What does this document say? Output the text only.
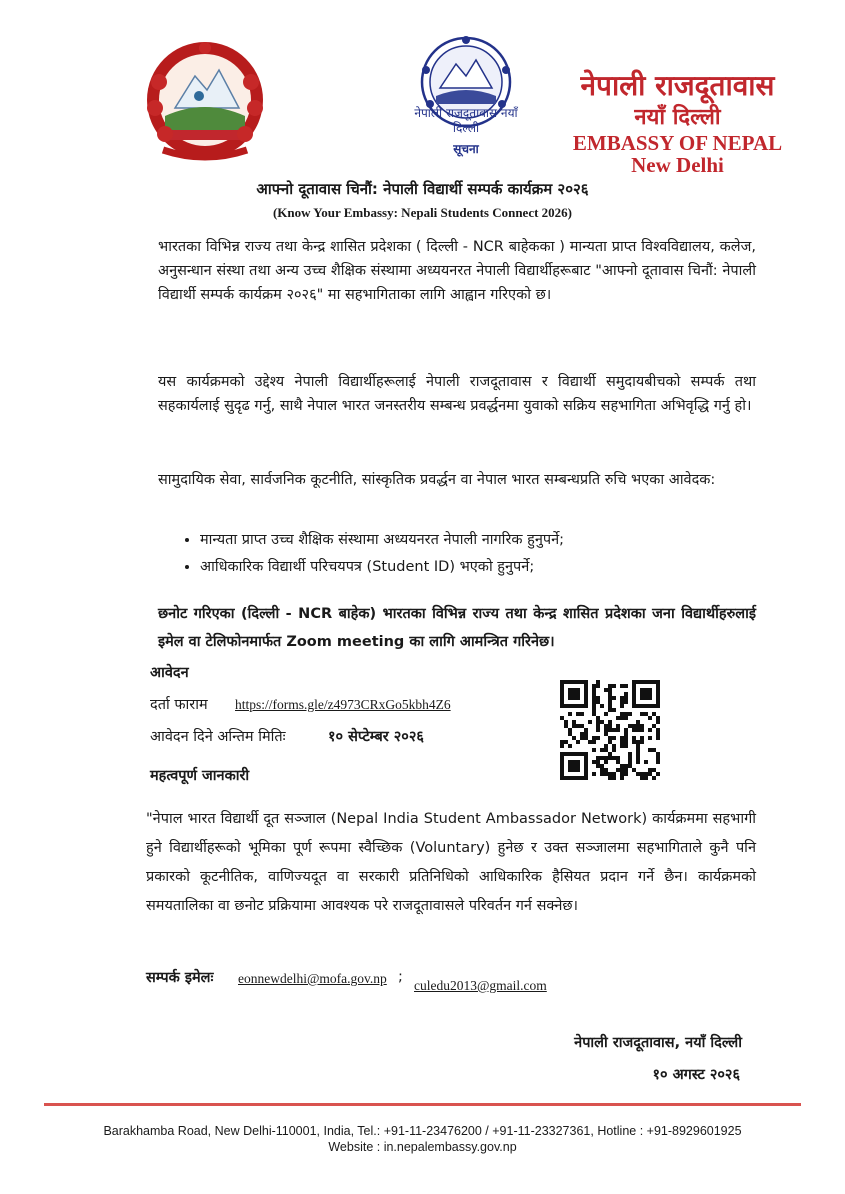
नेपाली राजदूतावास नयाँ दिल्ली
सूचना
नेपाली राजदूतावास
नयाँ दिल्ली
EMBASSY OF NEPAL
New Delhi
आफ्नो दूतावास चिनौं: नेपाली विद्यार्थी सम्पर्क कार्यक्रम २०२६
(Know Your Embassy: Nepali Students Connect 2026)
भारतका विभिन्न राज्य तथा केन्द्र शासित प्रदेशका ( दिल्ली - NCR बाहेकका ) मान्यता प्राप्त विश्वविद्यालय, कलेज, अनुसन्धान संस्था तथा अन्य उच्च शैक्षिक संस्थामा अध्ययनरत नेपाली विद्यार्थीहरूबाट "आफ्नो दूतावास चिनौं: नेपाली विद्यार्थी सम्पर्क कार्यक्रम २०२६" मा सहभागिताका लागि आह्वान गरिएको छ।
यस कार्यक्रमको उद्देश्य नेपाली विद्यार्थीहरूलाई नेपाली राजदूतावास र विद्यार्थी समुदायबीचको सम्पर्क तथा सहकार्यलाई सुदृढ गर्नु, साथै नेपाल भारत जनस्तरीय सम्बन्ध प्रवर्द्धनमा युवाको सक्रिय सहभागिता अभिवृद्धि गर्नु हो।
सामुदायिक सेवा, सार्वजनिक कूटनीति, सांस्कृतिक प्रवर्द्धन वा नेपाल भारत सम्बन्धप्रति रुचि भएका आवेदक:
• मान्यता प्राप्त उच्च शैक्षिक संस्थामा अध्ययनरत नेपाली नागरिक हुनुपर्ने;
• आधिकारिक विद्यार्थी परिचयपत्र (Student ID) भएको हुनुपर्ने;
छनोट गरिएका (दिल्ली - NCR बाहेक) भारतका विभिन्न राज्य तथा केन्द्र शासित प्रदेशका जना विद्यार्थीहरुलाई इमेल वा टेलिफोनमार्फत Zoom meeting का लागि आमन्त्रित गरिनेछ।
आवेदन
दर्ता फाराम https://forms.gle/z4973CRxGo5kbh4Z6
आवेदन दिने अन्तिम मितिः	१० सेप्टेम्बर २०२६
महत्वपूर्ण जानकारी
"नेपाल भारत विद्यार्थी दूत सञ्जाल (Nepal India Student Ambassador Network) कार्यक्रममा सहभागी हुने विद्यार्थीहरूको भूमिका पूर्ण रूपमा स्वैच्छिक (Voluntary) हुनेछ र उक्त सञ्जालमा सहभागिताले कुनै पनि प्रकारको कूटनीतिक, वाणिज्यदूत वा सरकारी प्रतिनिधिको आधिकारिक हैसियत प्रदान गर्ने छैन। कार्यक्रमको समयतालिका वा छनोट प्रक्रियामा आवश्यक परे राजदूतावासले परिवर्तन गर्न सक्नेछ।
सम्पर्क इमेलः eonnewdelhi@mofa.gov.np ;
culedu2013@gmail.com
नेपाली राजदूतावास, नयाँ दिल्ली
१० अगस्ट २०२६
Barakhamba Road, New Delhi-110001, India, Tel.: +91-11-23476200 / +91-11-23327361, Hotline : +91-8929601925
Website : in.nepalembassy.gov.np
